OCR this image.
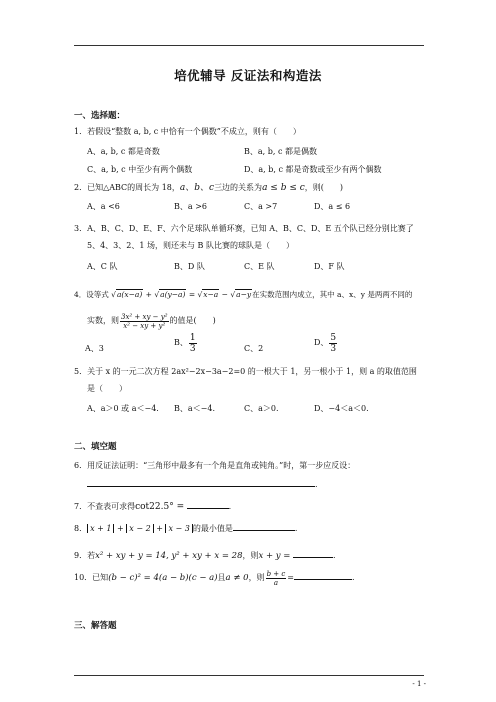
培优辅导 反证法和构造法
一、选择题：
1．若假设“整数 a, b, c 中恰有一个偶数”不成立，则有（　　）
A、a, b, c 都是奇数	B、a, b, c 都是偶数
C、a, b, c 中至少有两个偶数	D、a, b, c 都是奇数或至少有两个偶数
2．已知△ABC的周长为 18，a、b、c三边的关系为a ≤ b ≤ c，则(　　)
A、a <6	B、a >6	C、a >7	D、a ≤ 6
3．A、B、C、D、E、F、六个足球队单循环赛，已知 A、B、C、D、E 五个队已经分别比赛了
5、4、3、2、1 场，则还未与 B 队比赛的球队是（　　）
A、C 队	B、D 队	C、E 队	D、F 队
4．设等式 √a(x−a) + √a(y−a) = √x−a − √a−y在实数范围内成立，其中 a、x、y 是两两不同的
实数，则 $\frac{\text{3x² + xy − y²}}{\text{x² − xy + y²}}$ 的值是(　　)
A、3
B、 $\frac{1}{3}$	C、2
D、 $\frac{5}{3}$
5．关于 x 的一元二次方程 2ax²−2x−3a−2=0 的一根大于 1，另一根小于 1，则 a 的取值范围
是（　　）
A、a＞0 或 a＜−4. B、a＜−4.	C、a＞0.	D、−4＜a＜0.
二、填空题
6．用反证法证明：“三角形中最多有一个角是直角或钝角。”时，第一步应反设：
.
7．不查表可求得cot22.5° =	.
8． x + 1 + x − 2 + x − 3 的最小值是	.
9．若x² + xy + y = 14, y² + xy + x = 28，则x + y =	.
10．已知(b − c)² = 4(a − b)(c − a)且a ≠ 0，则 $\frac{b + c}{a}$ =	.
三、解答题
- 1 -
